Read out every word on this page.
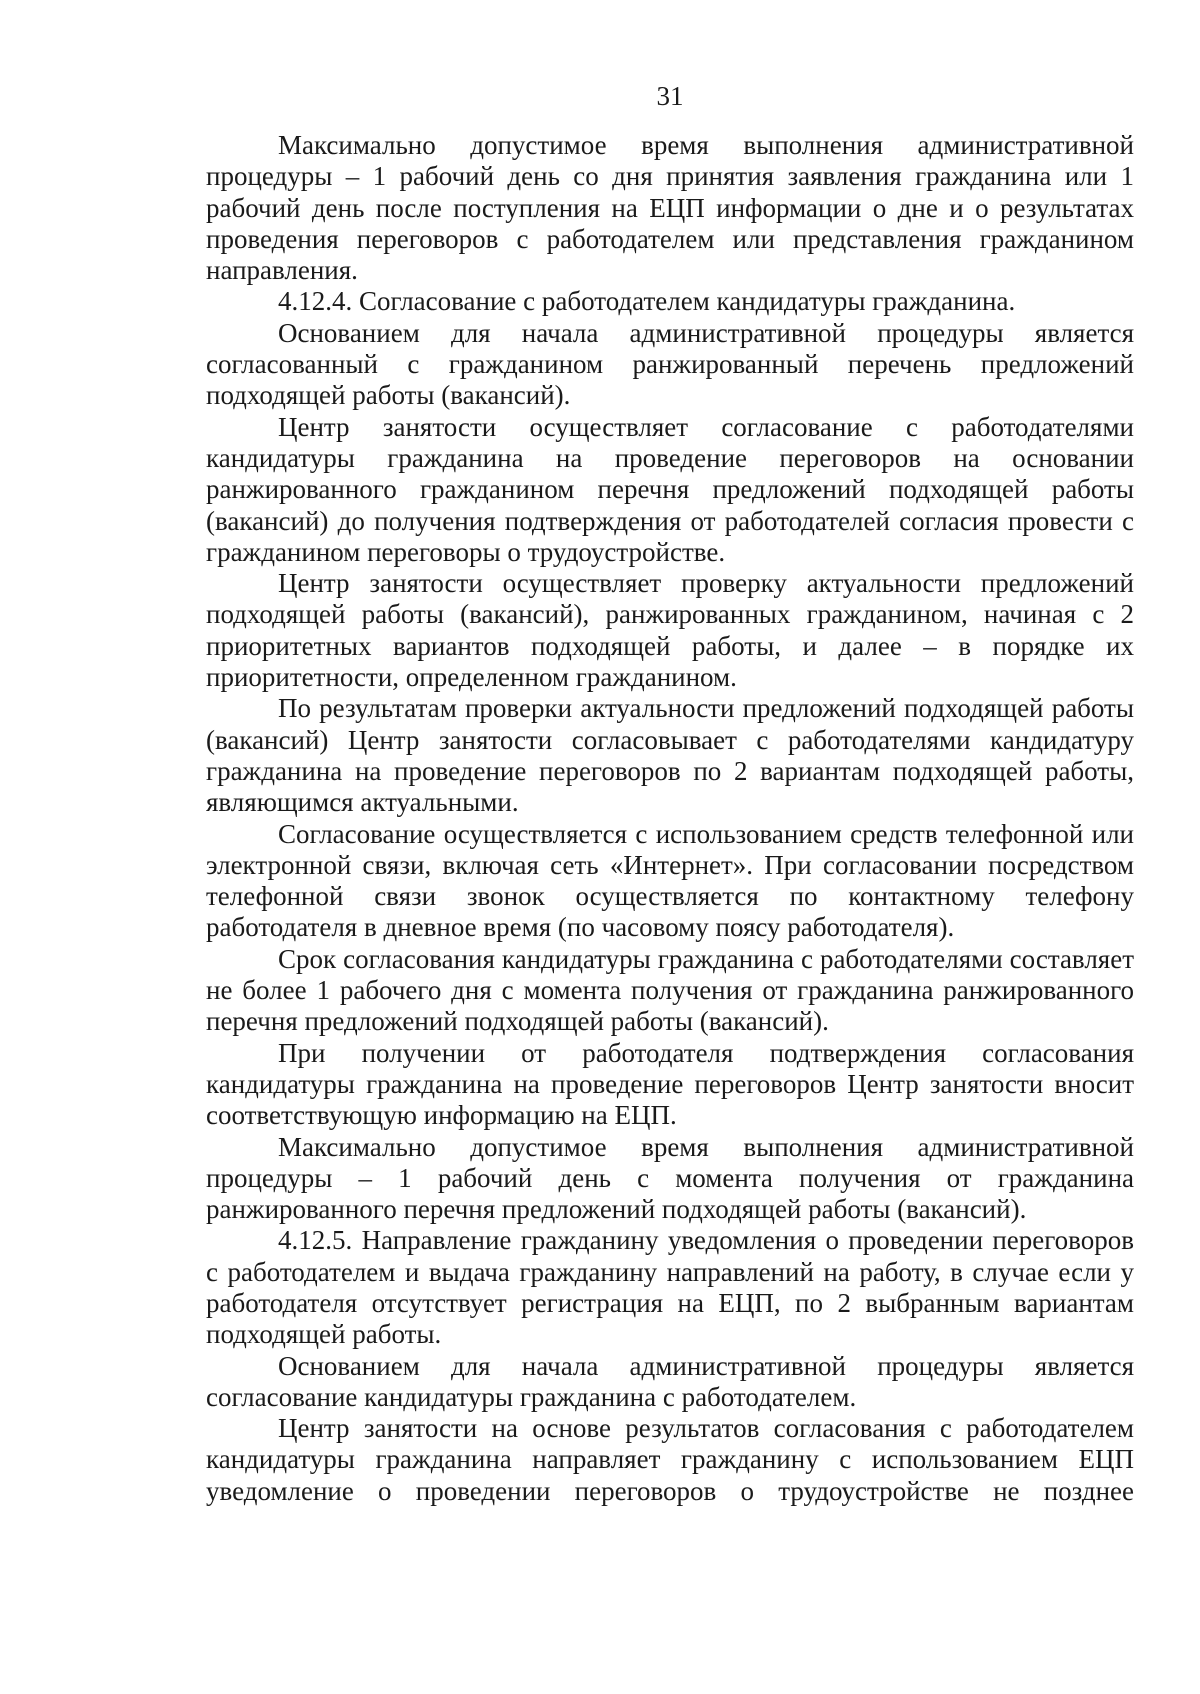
31

Максимально допустимое время выполнения административной процедуры – 1 рабочий день со дня принятия заявления гражданина или 1 рабочий день после поступления на ЕЦП информации о дне и о результатах проведения переговоров с работодателем или представления гражданином направления.

4.12.4. Согласование с работодателем кандидатуры гражданина.

Основанием для начала административной процедуры является согласованный с гражданином ранжированный перечень предложений подходящей работы (вакансий).

Центр занятости осуществляет согласование с работодателями кандидатуры гражданина на проведение переговоров на основании ранжированного гражданином перечня предложений подходящей работы (вакансий) до получения подтверждения от работодателей согласия провести с гражданином переговоры о трудоустройстве.

Центр занятости осуществляет проверку актуальности предложений подходящей работы (вакансий), ранжированных гражданином, начиная с 2 приоритетных вариантов подходящей работы, и далее – в порядке их приоритетности, определенном гражданином.

По результатам проверки актуальности предложений подходящей работы (вакансий) Центр занятости согласовывает с работодателями кандидатуру гражданина на проведение переговоров по 2 вариантам подходящей работы, являющимся актуальными.

Согласование осуществляется с использованием средств телефонной или электронной связи, включая сеть «Интернет». При согласовании посредством телефонной связи звонок осуществляется по контактному телефону работодателя в дневное время (по часовому поясу работодателя).

Срок согласования кандидатуры гражданина с работодателями составляет не более 1 рабочего дня с момента получения от гражданина ранжированного перечня предложений подходящей работы (вакансий).

При получении от работодателя подтверждения согласования кандидатуры гражданина на проведение переговоров Центр занятости вносит соответствующую информацию на ЕЦП.

Максимально допустимое время выполнения административной процедуры – 1 рабочий день с момента получения от гражданина ранжированного перечня предложений подходящей работы (вакансий).

4.12.5. Направление гражданину уведомления о проведении переговоров с работодателем и выдача гражданину направлений на работу, в случае если у работодателя отсутствует регистрация на ЕЦП, по 2 выбранным вариантам подходящей работы.

Основанием для начала административной процедуры является согласование кандидатуры гражданина с работодателем.

Центр занятости на основе результатов согласования с работодателем кандидатуры гражданина направляет гражданину с использованием ЕЦП уведомление о проведении переговоров о трудоустройстве не позднее
